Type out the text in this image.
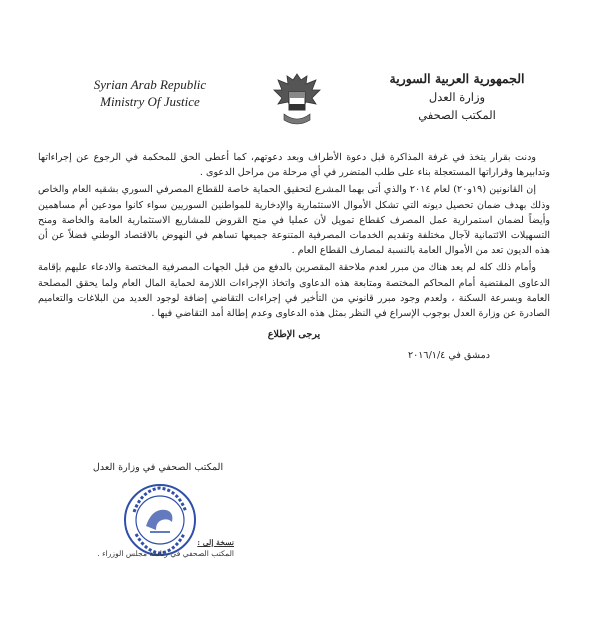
Syrian Arab Republic
Ministry Of Justice
الجمهورية العربية السورية
وزارة العدل
المكتب الصحفي

ودنت بقرار يتخذ في غرفة المذاكرة قبل دعوة الأطراف وبعد دعوتهم، كما أعطى الحق للمحكمة في الرجوع عن إجراءاتها وتدابيرها وقراراتها المستعجلة بناء على طلب المتضرر في أي مرحلة من مراحل الدعوى .

إن القانونين (١٩و٢٠) لعام ٢٠١٤ والذي أتى بهما المشرع لتحقيق الحماية خاصة للقطاع المصرفي السوري بشقيه العام والخاص وذلك بهدف ضمان تحصيل ديونه التي تشكل الأموال الاستثمارية والإدخارية للمواطنين السوريين سواء كانوا مودعين أم مساهمين وأيضاً لضمان استمرارية عمل المصرف كقطاع تمويل لأن عمليا في منح القروض للمشاريع الاستثمارية العامة والخاصة ومنح التسهيلات الائتمانية لآجال مختلفة وتقديم الخدمات المصرفية المتنوعة جميعها تساهم في النهوض بالاقتصاد الوطني فضلاً عن أن هذه الديون تعد من الأموال العامة بالنسبة لمصارف القطاع العام .

وأمام ذلك كله لم يعد هناك من مبرر لعدم ملاحقة المقصرين بالدفع من قبل الجهات المصرفية المختصة والادعاء عليهم بإقامة الدعاوى المقتضية أمام المحاكم المختصة ومتابعة هذه الدعاوى واتخاذ الإجراءات اللازمة لحماية المال العام ولما يحقق المصلحة العامة وبسرعة السكنة ، ولعدم وجود مبرر قانوني من التأخير في إجراءات التقاضي إضافة لوجود العديد من البلاغات والتعاميم الصادرة عن وزارة العدل بوجوب الإسراع في النظر بمثل هذه الدعاوى وعدم إطالة أمد التقاضي فيها .

يرجى الإطلاع

دمشق في ٢٠١٦/١/٤

المكتب الصحفي في وزارة العدل
نسخة إلى :
المكتب الصحفي في رئاسة مجلس الوزراء .
